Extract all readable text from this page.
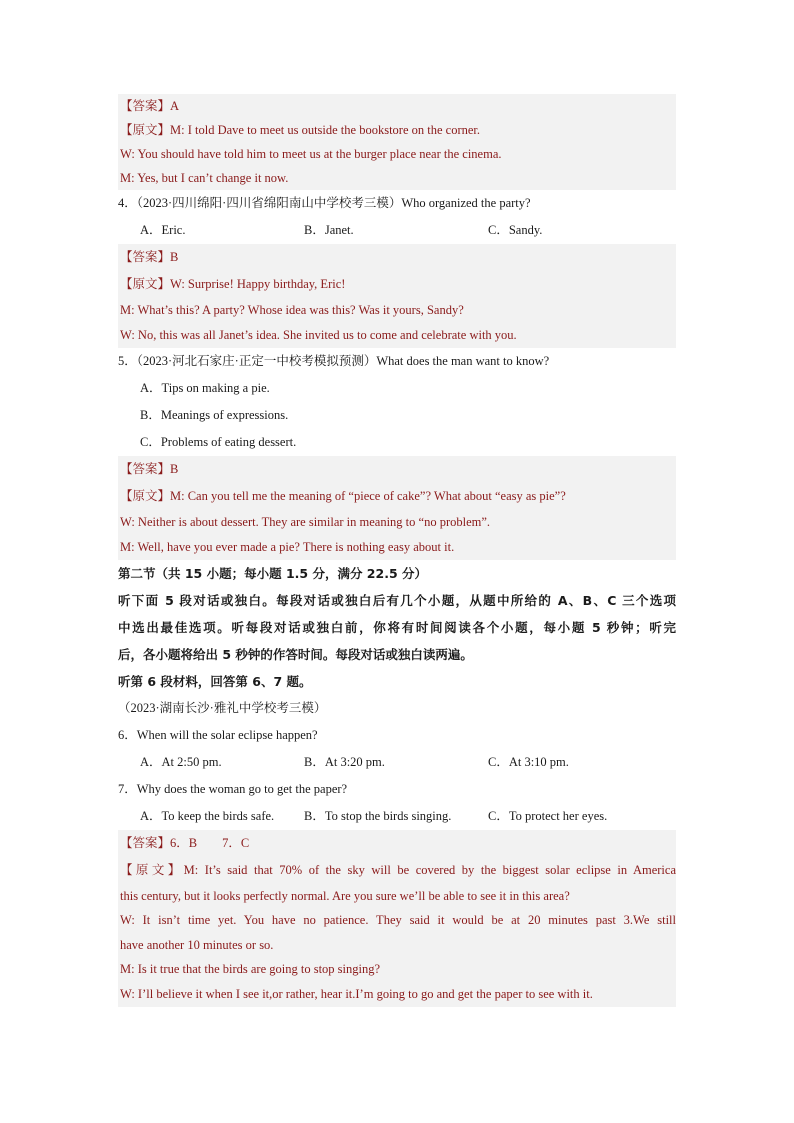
【答案】A
【原文】M: I told Dave to meet us outside the bookstore on the corner.
W: You should have told him to meet us at the burger place near the cinema.
M: Yes, but I can’t change it now.
4．（2023·四川绵阳·四川省绵阳南山中学校考三模）Who organized the party?
A．Eric.	B．Janet.	C．Sandy.
【答案】B
【原文】W: Surprise! Happy birthday, Eric!
M: What’s this? A party? Whose idea was this? Was it yours, Sandy?
W: No, this was all Janet’s idea. She invited us to come and celebrate with you.
5．（2023·河北石家庄·正定一中校考模拟预测）What does the man want to know?
A．Tips on making a pie.
B．Meanings of expressions.
C．Problems of eating dessert.
【答案】B
【原文】M: Can you tell me the meaning of “piece of cake”? What about “easy as pie”?
W: Neither is about dessert. They are similar in meaning to “no problem”.
M: Well, have you ever made a pie? There is nothing easy about it.
第二节（共 15 小题；每小题 1.5 分，满分 22.5 分）
听下面 5 段对话或独白。每段对话或独白后有几个小题，从题中所给的 A、B、C 三个选项
中选出最佳选项。听每段对话或独白前，你将有时间阅读各个小题，每小题 5 秒钟；听完
后，各小题将给出 5 秒钟的作答时间。每段对话或独白读两遍。
听第 6 段材料，回答第 6、7 题。
（2023·湖南长沙·雅礼中学校考三模）
6．When will the solar eclipse happen?
A．At 2:50 pm.	B．At 3:20 pm.	C．At 3:10 pm.
7．Why does the woman go to get the paper?
A．To keep the birds safe.	B．To stop the birds singing.	C．To protect her eyes.
【答案】6．B        7．C
【原文】M: It’s said that 70% of the sky will be covered by the biggest solar eclipse in America
this century, but it looks perfectly normal. Are you sure we’ll be able to see it in this area?
W: It isn’t time yet. You have no patience. They said it would be at 20 minutes past 3.We still
have another 10 minutes or so.
M: Is it true that the birds are going to stop singing?
W: I’ll believe it when I see it,or rather, hear it.I’m going to go and get the paper to see with it.
